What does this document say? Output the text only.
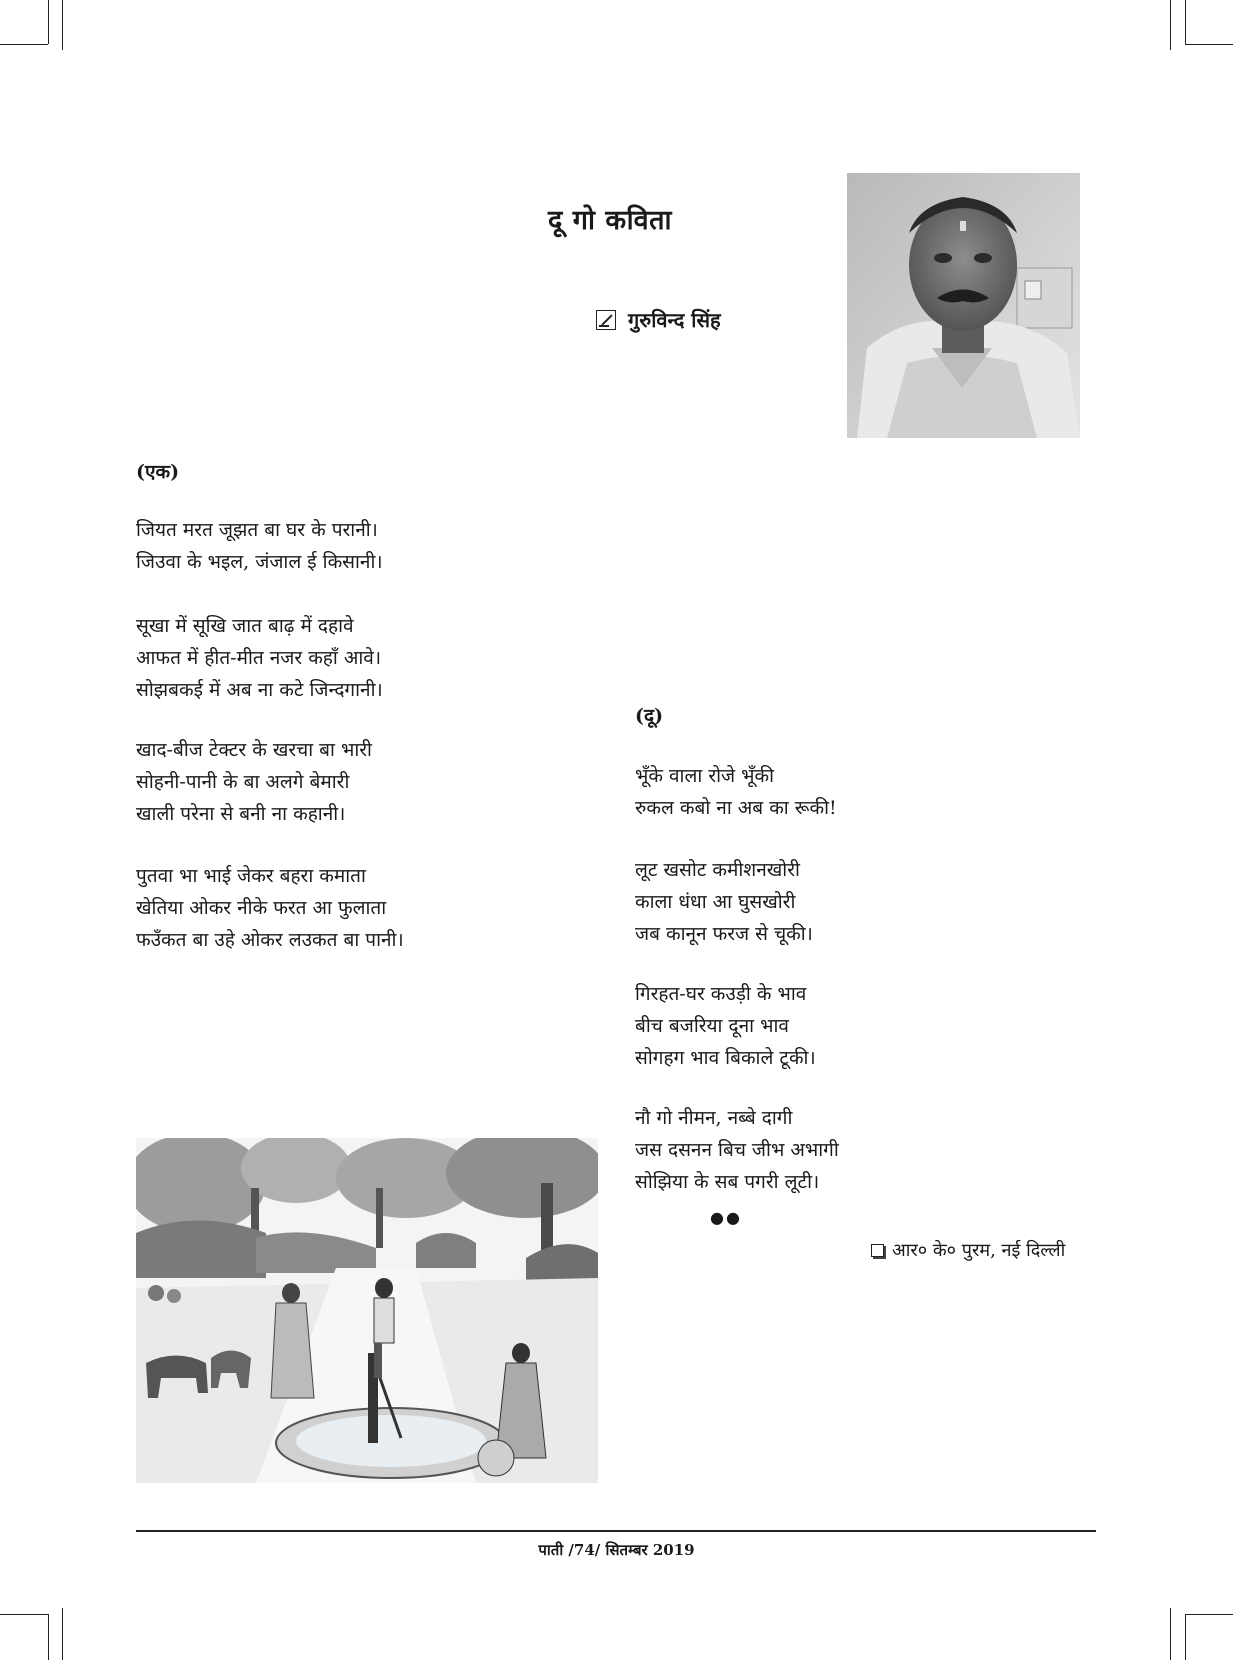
दू गो कविता
गुरुविन्द सिंह
(एक)
जियत मरत जूझत बा घर के परानी।
जिउवा के भइल, जंजाल ई किसानी।
सूखा में सूखि जात बाढ़ में दहावे
आफत में हीत-मीत नजर कहाँ आवे।
सोझबकई में अब ना कटे जिन्दगानी।
खाद-बीज टेक्टर के खरचा बा भारी
सोहनी-पानी के बा अलगे बेमारी
खाली परेना से बनी ना कहानी।
पुतवा भा भाई जेकर बहरा कमाता
खेतिया ओकर नीके फरत आ फुलाता
फउँकत बा उहे ओकर लउकत बा पानी।
(दू)
भूँके वाला रोजे भूँकी
रुकल कबो ना अब का रूकी!
लूट खसोट कमीशनखोरी
काला धंधा आ घुसखोरी
जब कानून फरज से चूकी।
गिरहत-घर कउड़ी के भाव
बीच बजरिया दूना भाव
सोगहग भाव बिकाले टूकी।
नौ गो नीमन, नब्बे दागी
जस दसनन बिच जीभ अभागी
सोझिया के सब पगरी लूटी।
●●
आर० के० पुरम, नई दिल्ली
पाती /74/ सितम्बर 2019
